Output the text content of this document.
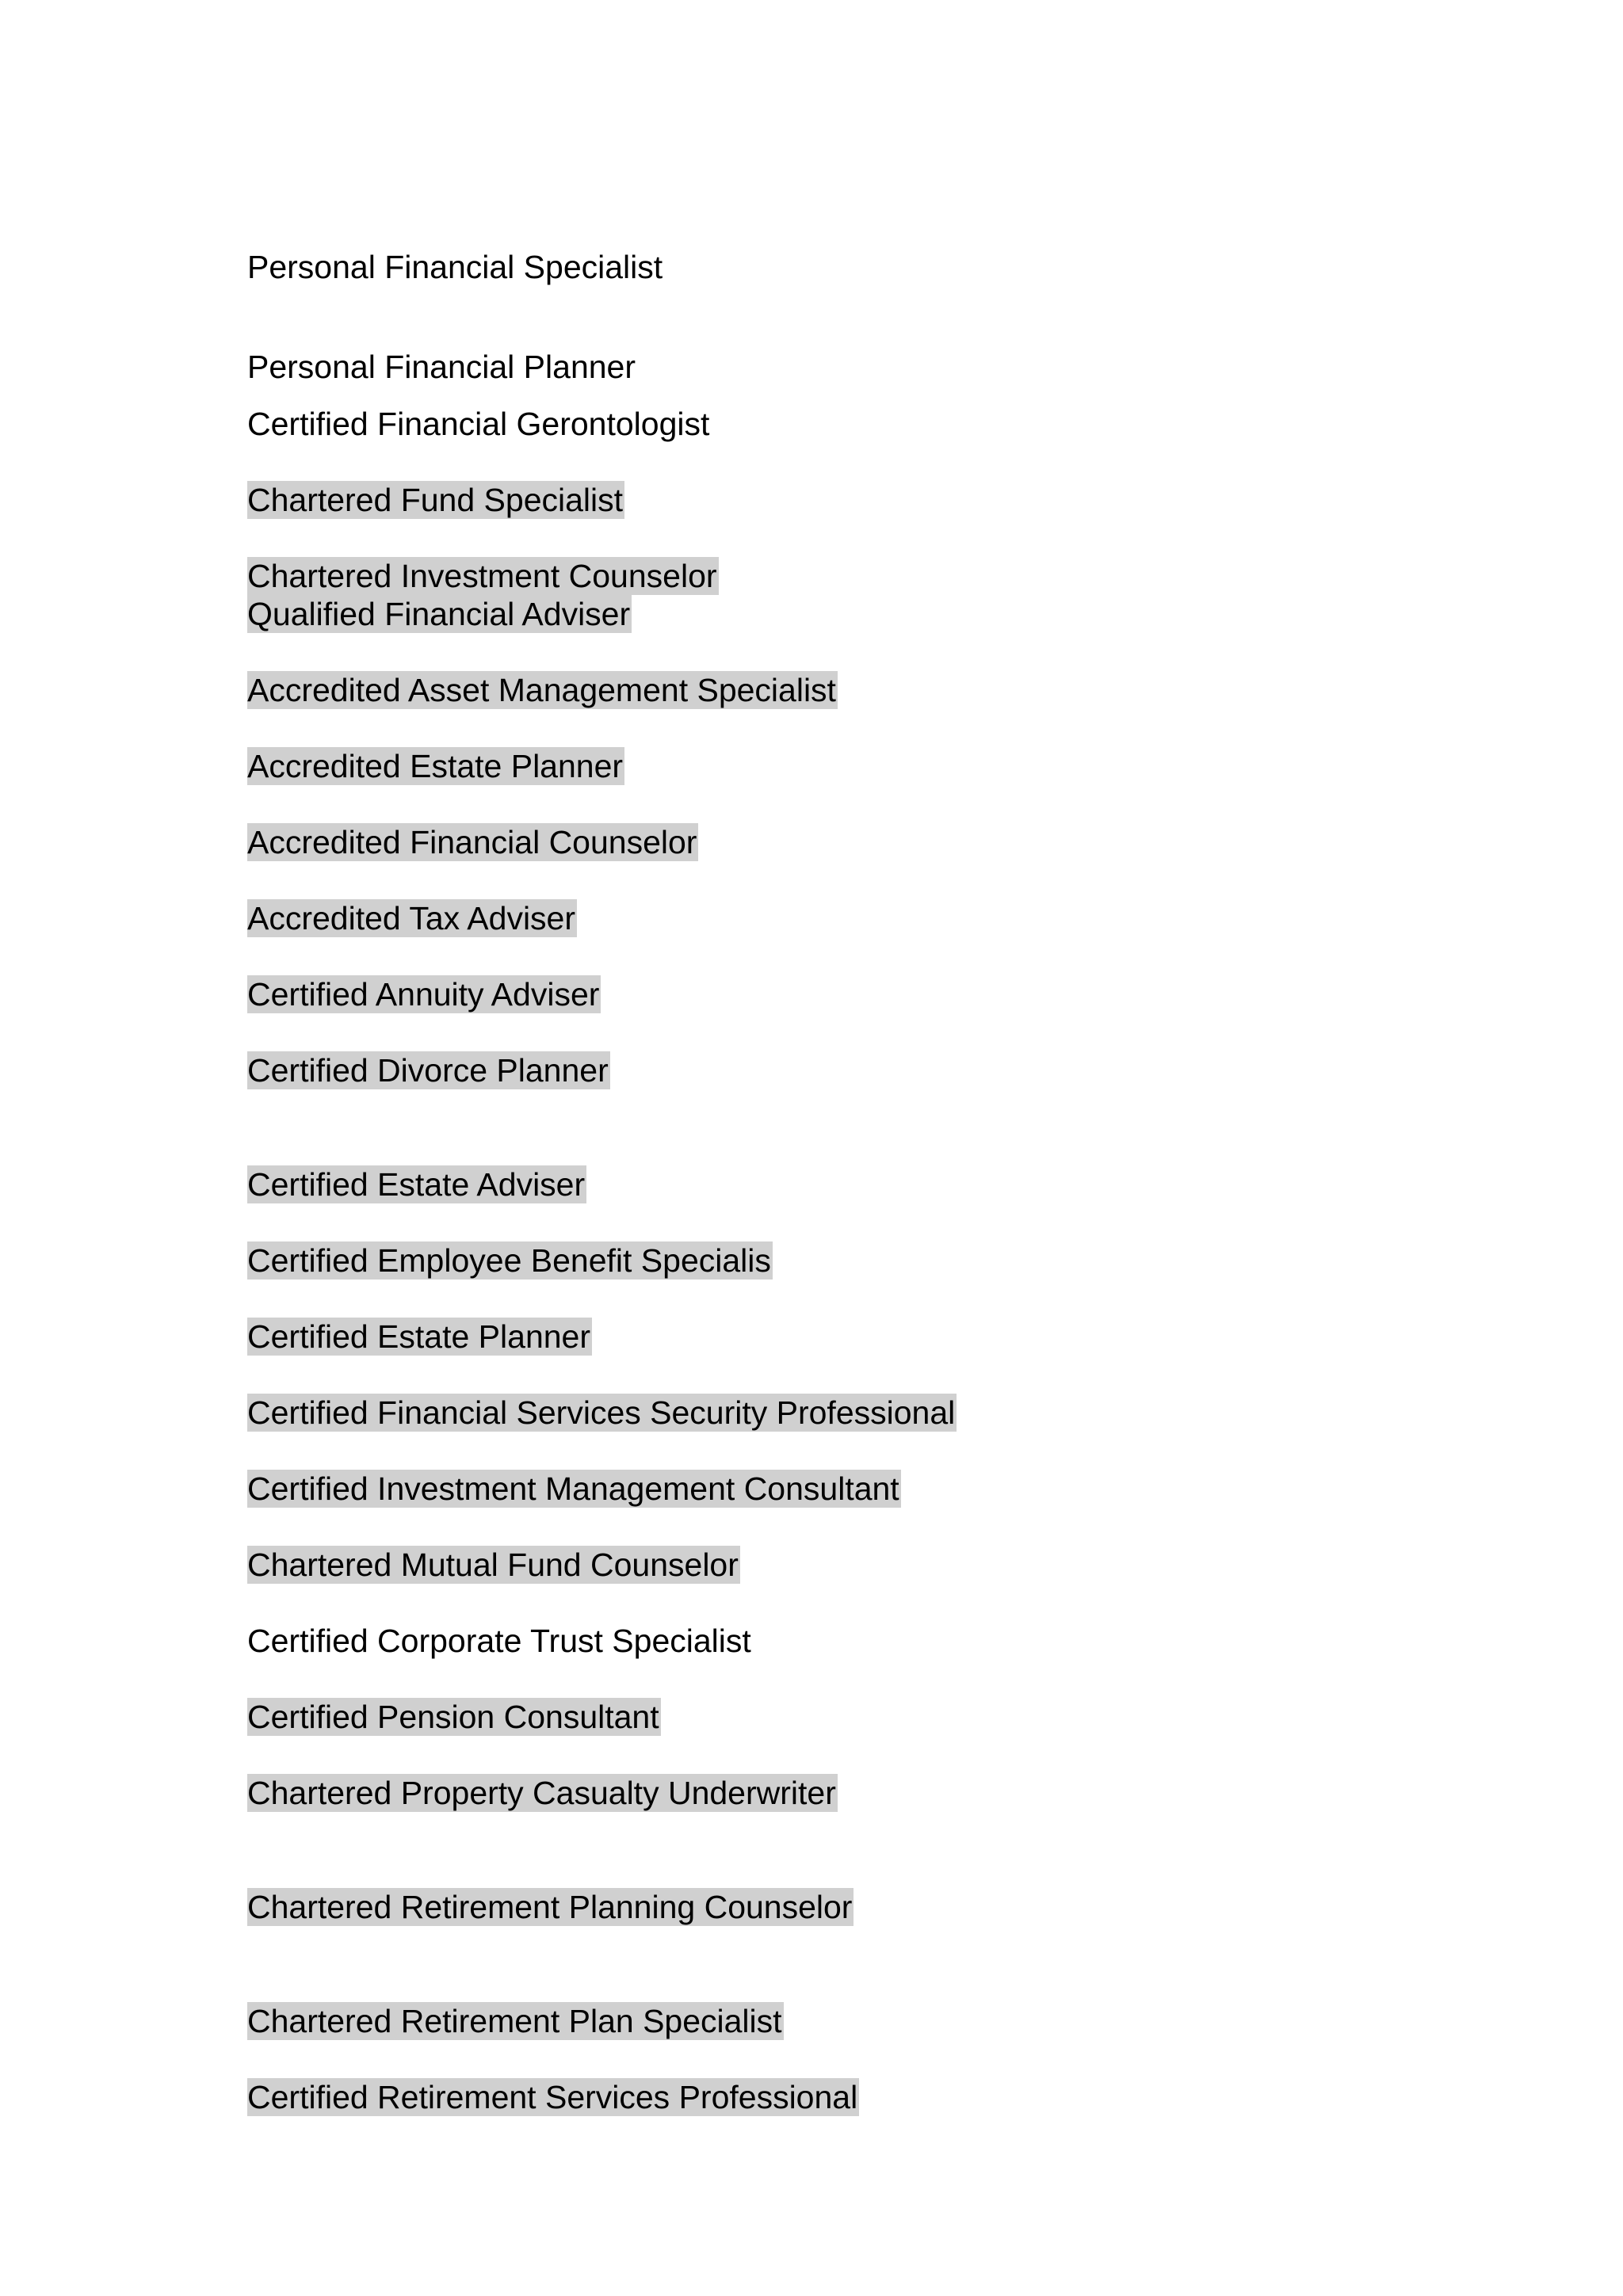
Personal Financial Specialist
Personal Financial Planner
Certified Financial Gerontologist
Chartered Fund Specialist
Chartered Investment Counselor
Qualified Financial Adviser
Accredited Asset Management Specialist
Accredited Estate Planner
Accredited Financial Counselor
Accredited Tax Adviser
Certified Annuity Adviser
Certified Divorce Planner
Certified Estate Adviser
Certified Employee Benefit Specialis
Certified Estate Planner
Certified Financial Services Security Professional
Certified Investment Management Consultant
Chartered Mutual Fund Counselor
Certified Corporate Trust Specialist
Certified Pension Consultant
Chartered Property Casualty Underwriter
Chartered Retirement Planning Counselor
Chartered Retirement Plan Specialist
Certified Retirement Services Professional
